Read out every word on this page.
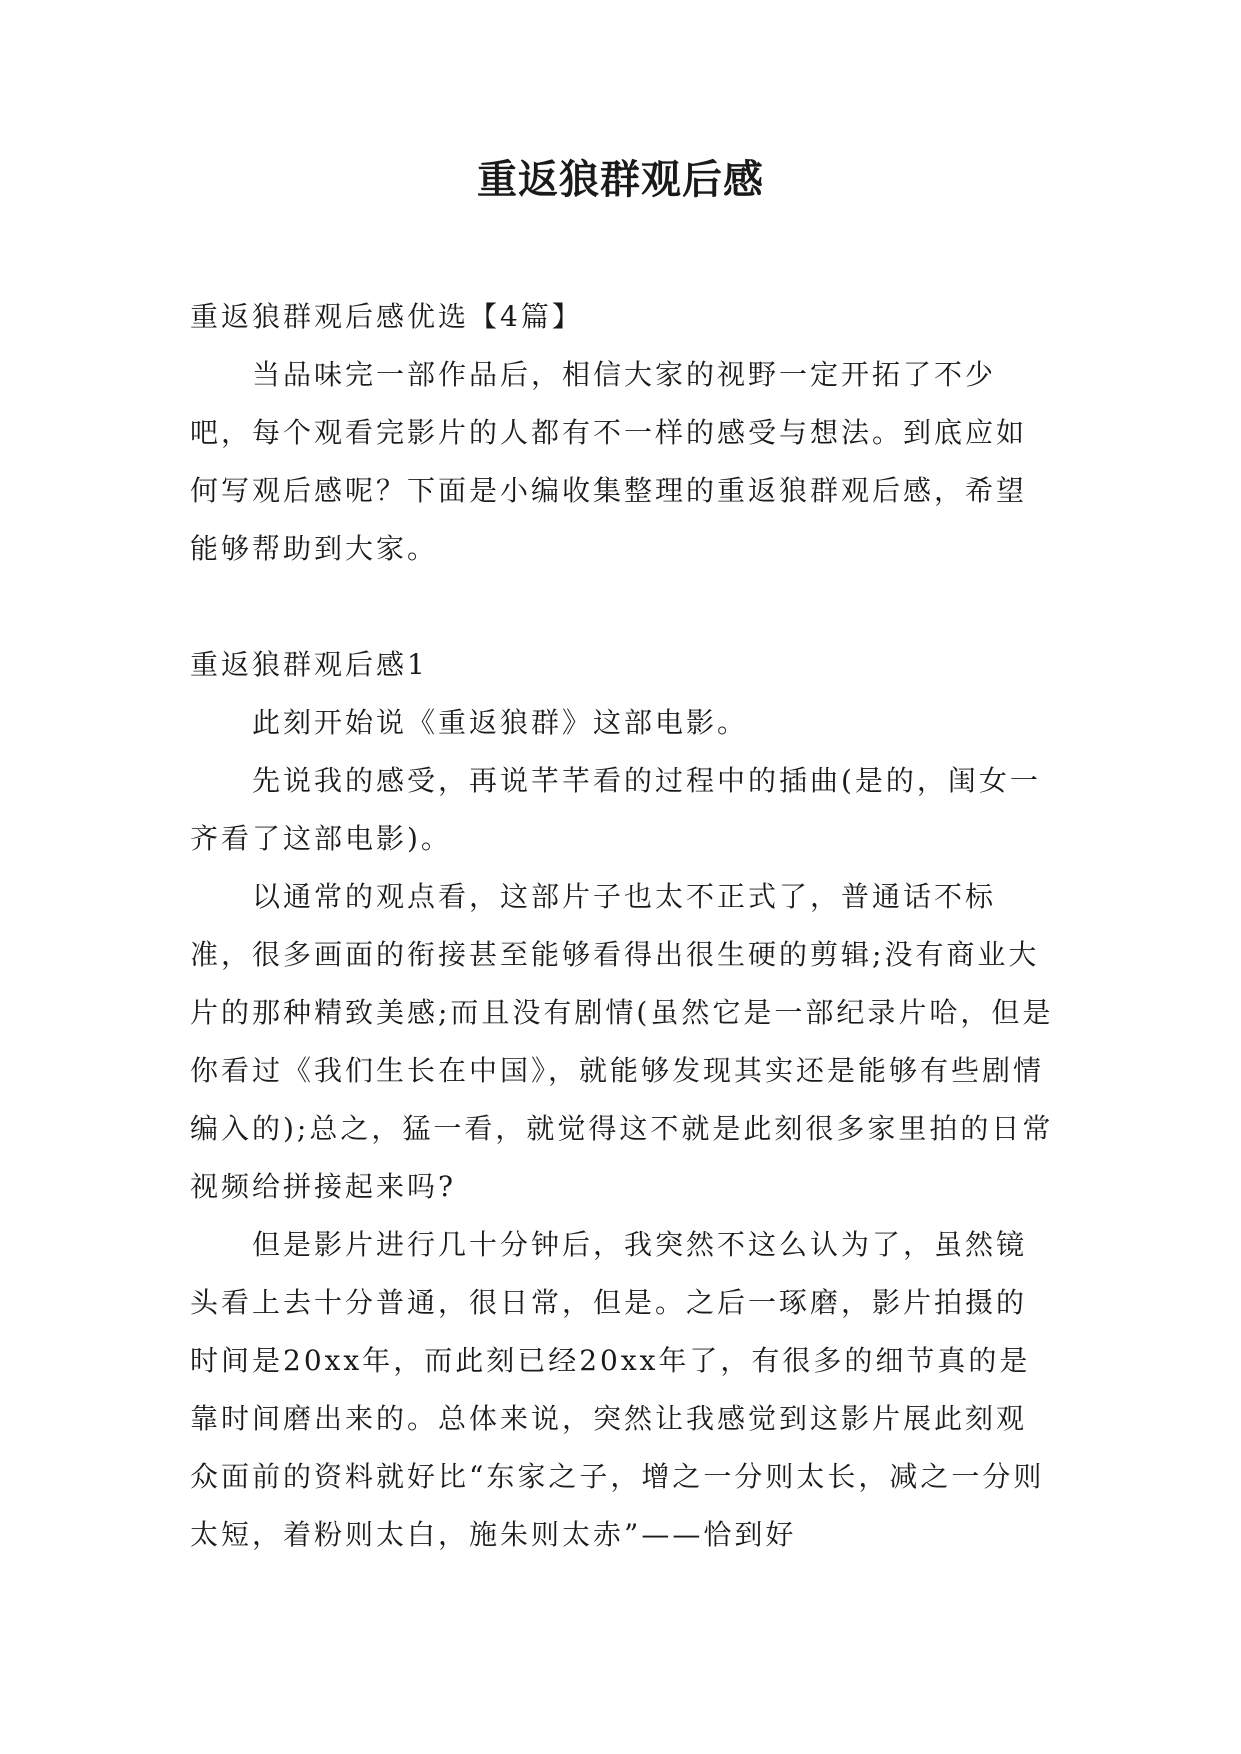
重返狼群观后感

重返狼群观后感优选【4篇】

当品味完一部作品后，相信大家的视野一定开拓了不少吧，每个观看完影片的人都有不一样的感受与想法。到底应如何写观后感呢？下面是小编收集整理的重返狼群观后感，希望能够帮助到大家。

重返狼群观后感1

此刻开始说《重返狼群》这部电影。

先说我的感受，再说芊芊看的过程中的插曲(是的，闺女一齐看了这部电影)。

以通常的观点看，这部片子也太不正式了，普通话不标准，很多画面的衔接甚至能够看得出很生硬的剪辑;没有商业大片的那种精致美感;而且没有剧情(虽然它是一部纪录片哈，但是你看过《我们生长在中国》，就能够发现其实还是能够有些剧情编入的);总之，猛一看，就觉得这不就是此刻很多家里拍的日常视频给拼接起来吗?

但是影片进行几十分钟后，我突然不这么认为了，虽然镜头看上去十分普通，很日常，但是。之后一琢磨，影片拍摄的时间是20xx年，而此刻已经20xx年了，有很多的细节真的是靠时间磨出来的。总体来说，突然让我感觉到这影片展此刻观众面前的资料就好比“东家之子，增之一分则太长，减之一分则太短，着粉则太白，施朱则太赤”——恰到好
